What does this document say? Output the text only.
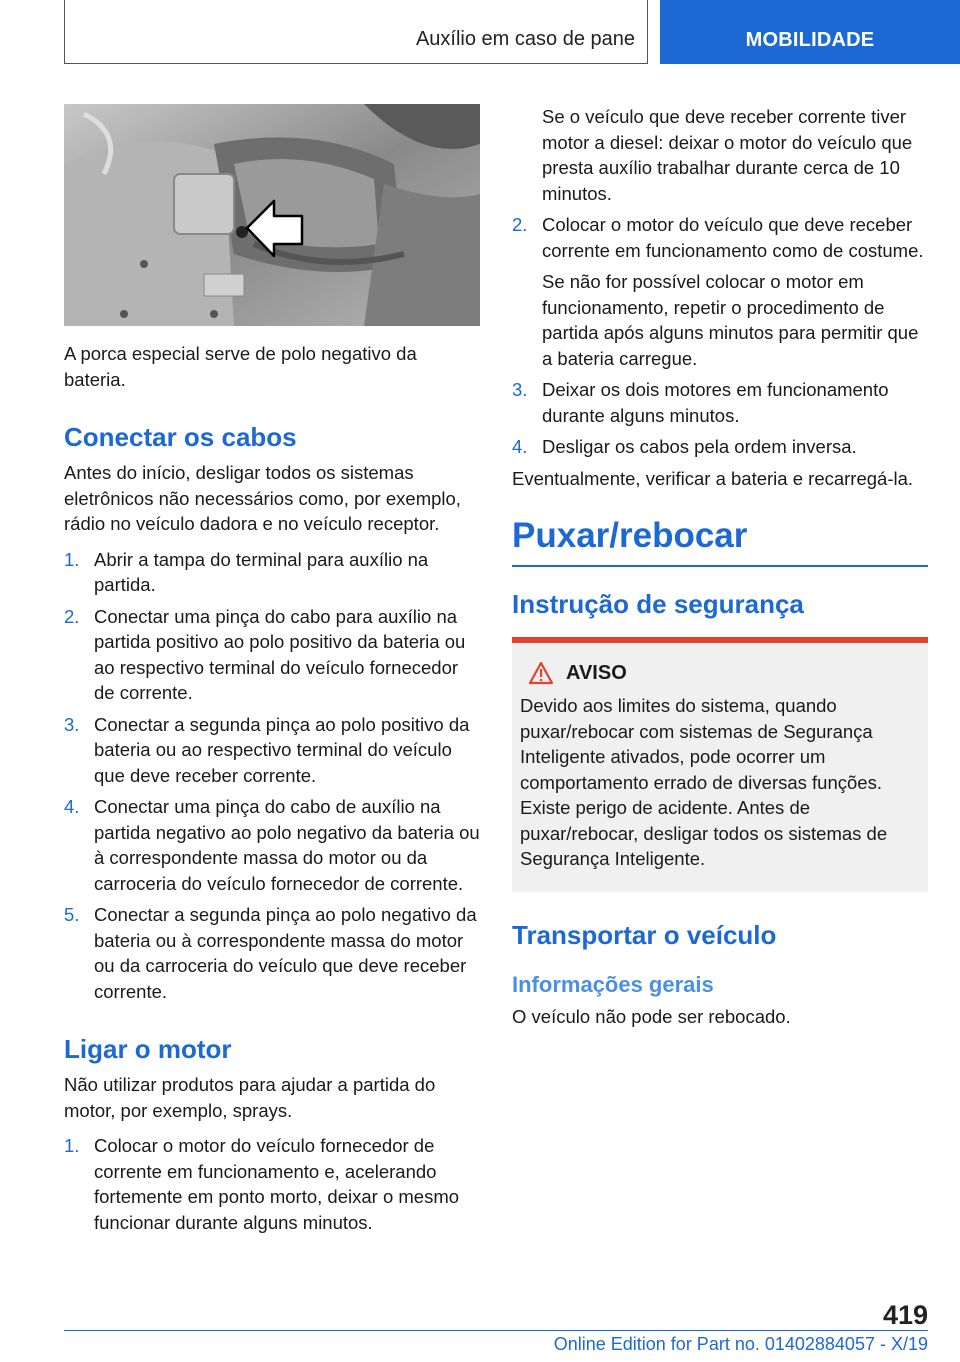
Auxílio em caso de pane	MOBILIDADE

A porca especial serve de polo negativo da bateria.

Conectar os cabos

Antes do início, desligar todos os sistemas eletrônicos não necessários como, por exemplo, rádio no veículo dadora e no veículo receptor.

1. Abrir a tampa do terminal para auxílio na partida.

2. Conectar uma pinça do cabo para auxílio na partida positivo ao polo positivo da bateria ou ao respectivo terminal do veículo fornecedor de corrente.

3. Conectar a segunda pinça ao polo positivo da bateria ou ao respectivo terminal do veículo que deve receber corrente.

4. Conectar uma pinça do cabo de auxílio na partida negativo ao polo negativo da bateria ou à correspondente massa do motor ou da carroceria do veículo fornecedor de corrente.

5. Conectar a segunda pinça ao polo negativo da bateria ou à correspondente massa do motor ou da carroceria do veículo que deve receber corrente.

Ligar o motor

Não utilizar produtos para ajudar a partida do motor, por exemplo, sprays.

1. Colocar o motor do veículo fornecedor de corrente em funcionamento e, acelerando fortemente em ponto morto, deixar o mesmo funcionar durante alguns minutos.

Se o veículo que deve receber corrente tiver motor a diesel: deixar o motor do veículo que presta auxílio trabalhar durante cerca de 10 minutos.

2. Colocar o motor do veículo que deve receber corrente em funcionamento como de costume.

Se não for possível colocar o motor em funcionamento, repetir o procedimento de partida após alguns minutos para permitir que a bateria carregue.

3. Deixar os dois motores em funcionamento durante alguns minutos.

4. Desligar os cabos pela ordem inversa.

Eventualmente, verificar a bateria e recarregá-la.

Puxar/rebocar
Instrução de segurança
AVISO

Devido aos limites do sistema, quando puxar/rebocar com sistemas de Segurança Inteligente ativados, pode ocorrer um comportamento errado de diversas funções. Existe perigo de acidente. Antes de puxar/rebocar, desligar todos os sistemas de Segurança Inteligente.

Transportar o veículo
Informações gerais

O veículo não pode ser rebocado.

419
Online Edition for Part no. 01402884057 - X/19
